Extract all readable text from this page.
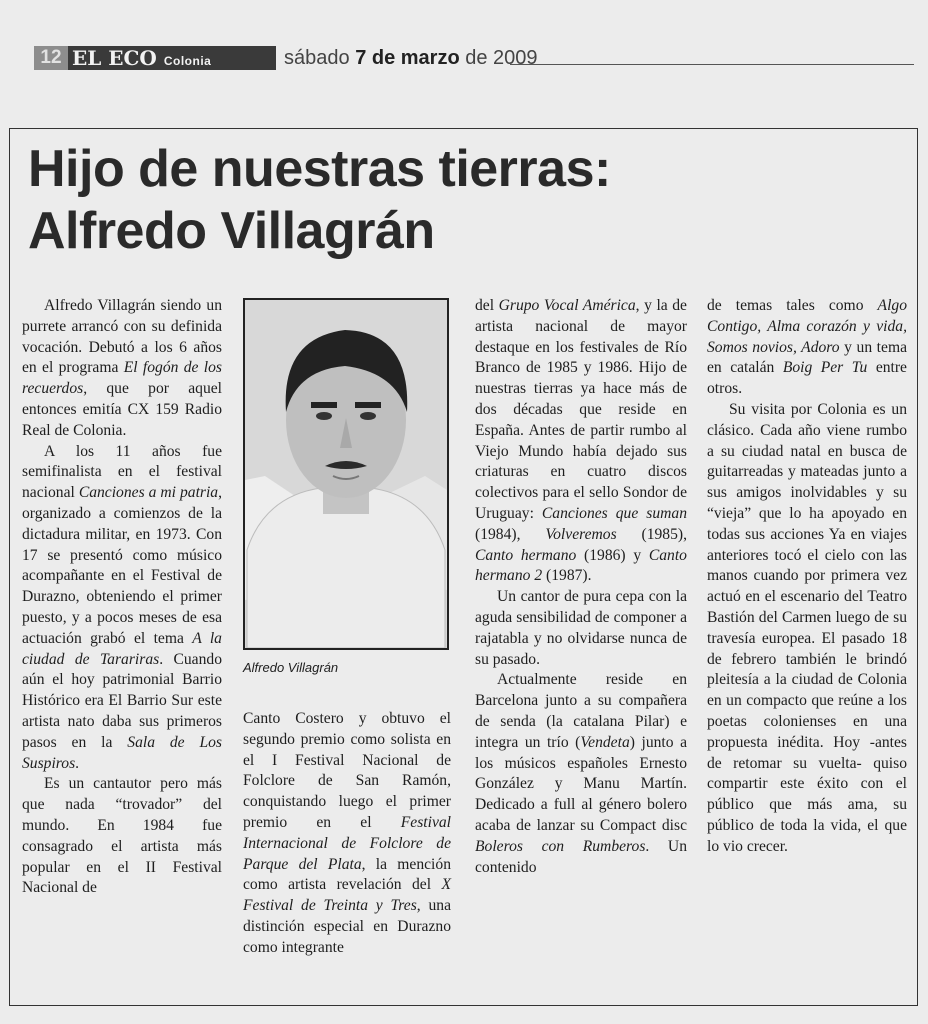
12 EL ECO Colonia	sábado 7 de marzo de 2009
Hijo de nuestras tierras:
Alfredo Villagrán

Alfredo Villagrán siendo un purrete arrancó con su definida vocación. Debutó a los 6 años en el programa El fogón de los recuerdos, que por aquel entonces emitía CX 159 Radio Real de Colonia.

A los 11 años fue semifinalista en el festival nacional Canciones a mi patria, organizado a comienzos de la dictadura militar, en 1973. Con 17 se presentó como músico acompañante en el Festival de Durazno, obteniendo el primer puesto, y a pocos meses de esa actuación grabó el tema A la ciudad de Tarariras. Cuando aún el hoy patrimonial Barrio Histórico era El Barrio Sur este artista nato daba sus primeros pasos en la Sala de Los Suspiros.

Es un cantautor pero más que nada “trovador” del mundo. En 1984 fue consagrado el artista más popular en el II Festival Nacional de

Alfredo Villagrán

Canto Costero y obtuvo el segundo premio como solista en el I Festival Nacional de Folclore de San Ramón, conquistando luego el primer premio en el Festival Internacional de Folclore de Parque del Plata, la mención como artista revelación del X Festival de Treinta y Tres, una distinción especial en Durazno como integrante

del Grupo Vocal América, y la de artista nacional de mayor destaque en los festivales de Río Branco de 1985 y 1986. Hijo de nuestras tierras ya hace más de dos décadas que reside en España. Antes de partir rumbo al Viejo Mundo había dejado sus criaturas en cuatro discos colectivos para el sello Sondor de Uruguay: Canciones que suman (1984), Volveremos (1985), Canto hermano (1986) y Canto hermano 2 (1987).

Un cantor de pura cepa con la aguda sensibilidad de componer a rajatabla y no olvidarse nunca de su pasado.

Actualmente reside en Barcelona junto a su compañera de senda (la catalana Pilar) e integra un trío (Vendeta) junto a los músicos españoles Ernesto González y Manu Martín. Dedicado a full al género bolero acaba de lanzar su Compact disc Boleros con Rumberos. Un contenido

de temas tales como Algo Contigo, Alma corazón y vida, Somos novios, Adoro y un tema en catalán Boig Per Tu entre otros.

Su visita por Colonia es un clásico. Cada año viene rumbo a su ciudad natal en busca de guitarreadas y mateadas junto a sus amigos inolvidables y su “vieja” que lo ha apoyado en todas sus acciones Ya en viajes anteriores tocó el cielo con las manos cuando por primera vez actuó en el escenario del Teatro Bastión del Carmen luego de su travesía europea. El pasado 18 de febrero también le brindó pleitesía a la ciudad de Colonia en un compacto que reúne a los poetas colonienses en una propuesta inédita. Hoy -antes de retomar su vuelta- quiso compartir este éxito con el público que más ama, su público de toda la vida, el que lo vio crecer.
